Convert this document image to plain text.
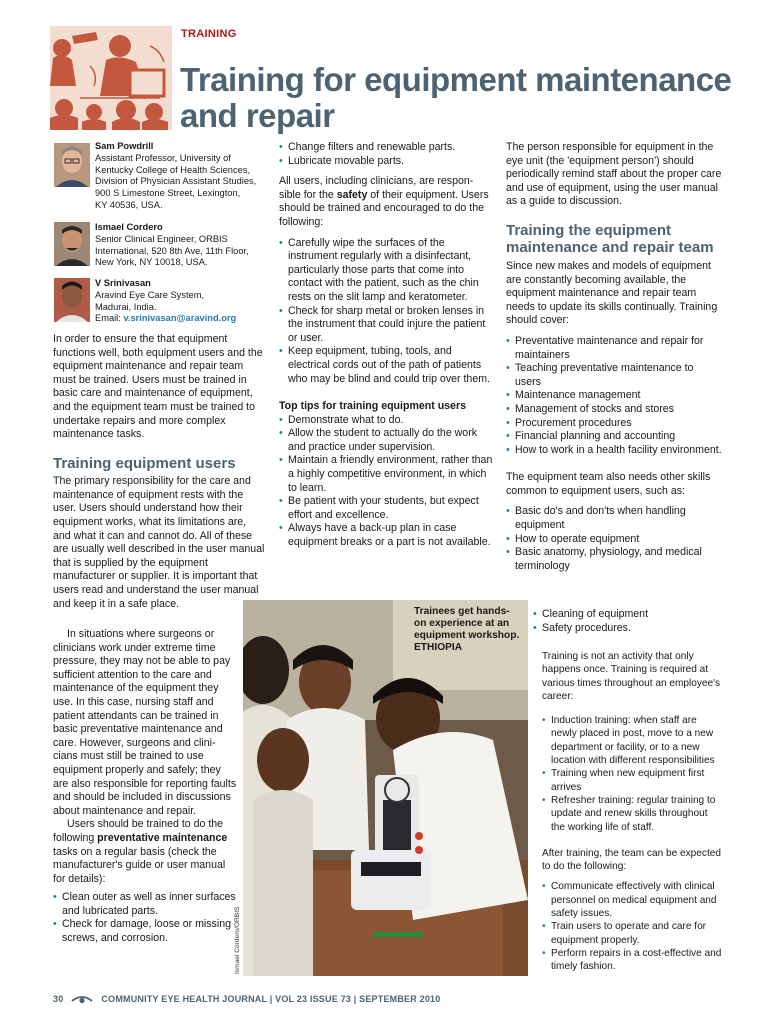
TRAINING
Training for equipment maintenance and repair
Sam Powdrill
Assistant Professor, University of
Kentucky College of Health Sciences,
Division of Physician Assistant Studies,
900 S Limestone Street, Lexington,
KY 40536, USA.
Ismael Cordero
Senior Clinical Engineer, ORBIS
International, 520 8th Ave, 11th Floor,
New York, NY 10018, USA.
V Srinivasan
Aravind Eye Care System,
Madurai, India.
Email: v.srinivasan@aravind.org

In order to ensure the that equipment functions well, both equipment users and the equipment maintenance and repair team must be trained. Users must be trained in basic care and maintenance of equipment, and the equipment team must be trained to undertake repairs and more complex maintenance tasks.

Training equipment users

The primary responsibility for the care and maintenance of equipment rests with the user. Users should understand how their equipment works, what its limitations are, and what it can and cannot do. All of these are usually well described in the user manual that is supplied by the equipment manufacturer or supplier. It is important that users read and understand the user manual and keep it in a safe place.

In situations where surgeons or clinicians work under extreme time pressure, they may not be able to pay sufficient attention to the care and maintenance of the equipment they use. In this case, nursing staff and patient attendants can be trained in basic preventative maintenance and care. However, surgeons and clini-cians must still be trained to use equipment properly and safely; they are also responsible for reporting faults and should be included in discussions about maintenance and repair.

Users should be trained to do the following preventative maintenance tasks on a regular basis (check the manufacturer's guide or user manual for details):

• Clean outer as well as inner surfaces and lubricated parts.
• Check for damage, loose or missing screws, and corrosion.
• Change filters and renewable parts.
• Lubricate movable parts.

All users, including clinicians, are respon-sible for the safety of their equipment. Users should be trained and encouraged to do the following:

• Carefully wipe the surfaces of the instrument regularly with a disinfectant, particularly those parts that come into contact with the patient, such as the chin rests on the slit lamp and keratometer.
• Check for sharp metal or broken lenses in the instrument that could injure the patient or user.
• Keep equipment, tubing, tools, and electrical cords out of the path of patients who may be blind and could trip over them.
Top tips for training equipment users
• Demonstrate what to do.
• Allow the student to actually do the work and practice under supervision.
• Maintain a friendly environment, rather than a highly competitive environment, in which to learn.
• Be patient with your students, but expect effort and excellence.
• Always have a back-up plan in case equipment breaks or a part is not available.

The person responsible for equipment in the eye unit (the 'equipment person') should periodically remind staff about the proper care and use of equipment, using the user manual as a guide to discussion.

Training the equipment maintenance and repair team

Since new makes and models of equipment are constantly becoming available, the equipment maintenance and repair team needs to update its skills continually. Training should cover:

• Preventative maintenance and repair for maintainers
• Teaching preventative maintenance to users
• Maintenance management
• Management of stocks and stores
• Procurement procedures
• Financial planning and accounting
• How to work in a health facility environment.

The equipment team also needs other skills common to equipment users, such as:

• Basic do's and don'ts when handling equipment
• How to operate equipment
• Basic anatomy, physiology, and medical terminology
• Cleaning of equipment
• Safety procedures.

Training is not an activity that only happens once. Training is required at various times throughout an employee's career:

• Induction training: when staff are newly placed in post, move to a new department or facility, or to a new location with different responsibilities
• Training when new equipment first arrives
• Refresher training: regular training to update and renew skills throughout the working life of staff.

After training, the team can be expected to do the following:

• Communicate effectively with clinical personnel on medical equipment and safety issues.
• Train users to operate and care for equipment properly.
• Perform repairs in a cost-effective and timely fashion.
Trainees get hands-
on experience at an
equipment workshop.
ETHIOPIA
Ismael Cordero/ORBIS
30	COMMUNITY EYE HEALTH JOURNAL | VOL 23 ISSUE 73 | SEPTEMBER 2010
